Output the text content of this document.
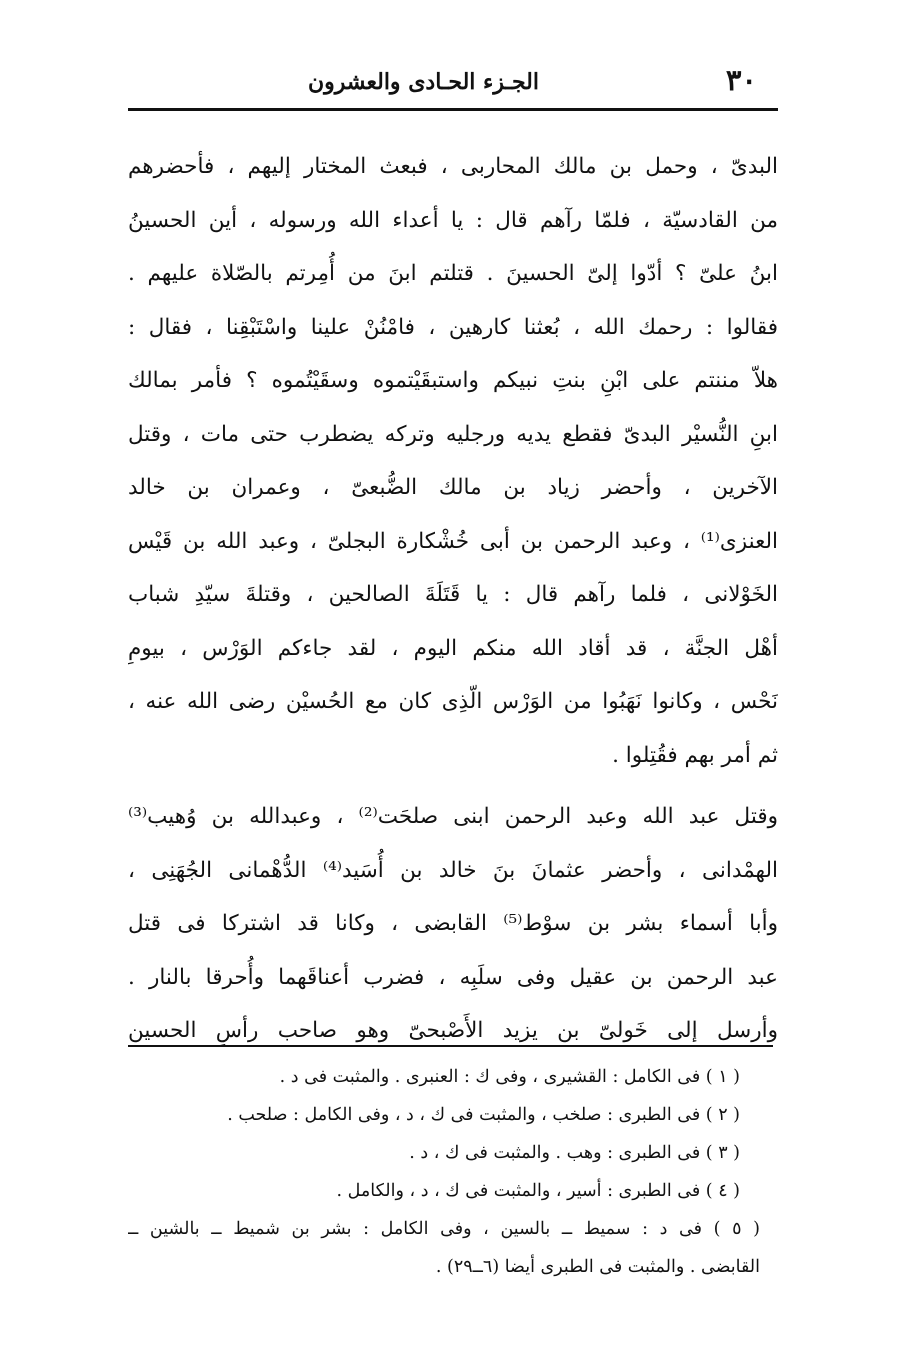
٣٠
الجـزء الحـادى والعشرون
البدىّ ، وحمل بن مالك المحاربى ، فبعث المختار إليهم ، فأحضرهم
من القادسيّة ، فلمّا رآهم قال : يا أعداء الله ورسوله ، أين الحسينُ
ابنُ علىّ ؟ أدّوا إلىّ الحسينَ . قتلتم ابنَ من أُمِرتم بالصّلاة عليهم .
فقالوا : رحمك الله ، بُعثنا كارهين ، فامْنُنْ علينا واسْتَبْقِنا ، فقال :
هلاّ مننتم على ابْنِ بنتِ نبيكم واستبقَيْتموه وسقَيْتُموه ؟ فأمر بمالك
ابنِ النُّسيْر البدىّ فقطع يديه ورجليه وتركه يضطرب حتى مات ، وقتل
الآخرين ، وأحضر زياد بن مالك الضُّبعىّ ، وعمران بن خالد
العنزى⁽¹⁾ ، وعبد الرحمن بن أبى خُشْكارة البجلىّ ، وعبد الله بن قَيْس
الخَوْلانى ، فلما رآهم قال : يا قَتَلَةَ الصالحين ، وقتلةَ سيّدِ شباب
أهْل الجنَّة ، قد أقاد الله منكم اليوم ، لقد جاءكم الوَرْس ، بيومِ
نَحْس ، وكانوا نَهَبُوا من الوَرْس الّذِى كان مع الحُسيْن رضى الله عنه ،
ثم أمر بهم فقُتِلوا .
وقتل عبد الله وعبد الرحمن ابنى صلحَت⁽²⁾ ، وعبدالله بن وُهيب⁽³⁾
الهمْدانى ، وأحضر عثمانَ بنَ خالد بن أُسَيد⁽⁴⁾ الدُّهْمانى الجُهَنِى ،
وأبا أسماء بشر بن سوْط⁽⁵⁾ القابضى ، وكانا قد اشتركا فى قتل
عبد الرحمن بن عقيل وفى سلَبِه ، فضرب أعناقَهما وأُحرقا بالنار .
وأرسل إلى خَولىّ بن يزيد الأَصْبحىّ وهو صاحب رأسِ الحسين
( ١ ) فى الكامل : القشيرى ، وفى ك : العنبرى . والمثبت فى د .
( ٢ ) فى الطبرى : صلخب ، والمثبت فى ك ، د ، وفى الكامل : صلحب .
( ٣ ) فى الطبرى : وهب . والمثبت فى ك ، د .
( ٤ ) فى الطبرى : أسير ، والمثبت فى ك ، د ، والكامل .
( ٥ ) فى د : سميط ــ بالسين ، وفى الكامل : بشر بن شميط ــ بالشين ــ
القابضى . والمثبت فى الطبرى أيضا (٦ــ٢٩) .
